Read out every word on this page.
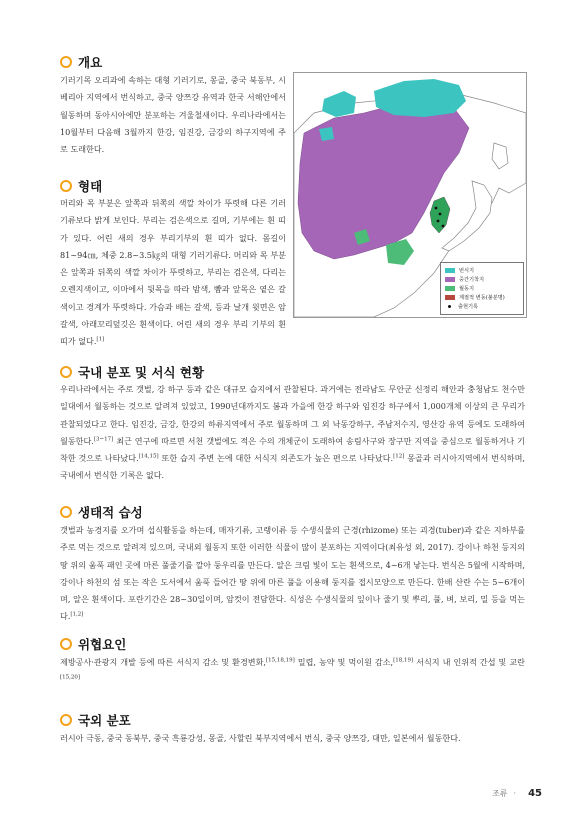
개요
기러기목 오리과에 속하는 대형 기러기로, 몽골, 중국 북동부, 시베리아 지역에서 번식하고, 중국 양쯔강 유역과 한국 서해안에서 월동하며 동아시아에만 분포하는 겨울철새이다. 우리나라에서는 10월부터 다음해 3월까지 한강, 임진강, 금강의 하구지역에 주로 도래한다.
형태
머리와 목 부분은 앞쪽과 뒤쪽의 색깔 차이가 뚜렷해 다른 기러기류보다 밝게 보인다. 부리는 검은색으로 길며, 기부에는 흰 띠가 있다. 어린 새의 경우 부리기부의 흰 띠가 없다. 몸길이 81~94㎝, 체중 2.8~3.5㎏의 대형 기러기류다. 머리와 목 부분은 앞쪽과 뒤쪽의 색깔 차이가 뚜렷하고, 부리는 검은색, 다리는 오렌지색이고, 이마에서 뒷목을 따라 밤색, 뺨과 앞목은 옅은 갈색이고 경계가 뚜렷하다. 가슴과 배는 갈색, 등과 날개 윗면은 암갈색, 아래꼬리덮깃은 흰색이다. 어린 새의 경우 부리 기부의 흰 띠가 없다.[1]
번식지
중간기착지
월동지
계절적 변동(불분명)
출현기록
국내 분포 및 서식 현황
우리나라에서는 주로 갯벌, 강 하구 등과 같은 대규모 습지에서 관찰된다. 과거에는 전라남도 무안군 신정리 해안과 충청남도 천수만 일대에서 월동하는 것으로 알려져 있었고, 1990년대까지도 봄과 가을에 한강 하구와 임진강 하구에서 1,000개체 이상의 큰 무리가 관찰되었다고 한다. 임진강, 금강, 한강의 하류지역에서 주로 월동하며 그 외 낙동강하구, 주남저수지, 영산강 유역 등에도 도래하여 월동한다.[3~17] 최근 연구에 따르면 서천 갯벌에도 적은 수의 개체군이 도래하여 송림사구와 장구만 지역을 중심으로 월동하거나 기착한 것으로 나타났다.[14,15] 또한 습지 주변 논에 대한 서식지 의존도가 높은 편으로 나타났다.[12] 몽골과 러시아지역에서 번식하며, 국내에서 번식한 기록은 없다.
생태적 습성
갯벌과 농경지를 오가며 섭식활동을 하는데, 매자기류, 고랭이류 등 수생식물의 근경(rhizome) 또는 괴경(tuber)과 같은 지하부를 주로 먹는 것으로 알려져 있으며, 국내외 월동지 또한 이러한 식물이 많이 분포하는 지역이다(최유성 외, 2017). 강이나 하천 등지의 땅 위의 움푹 패인 곳에 마른 풀줄기를 깔아 둥우리를 만든다. 알은 크림 빛이 도는 흰색으로, 4~6개 낳는다. 번식은 5월에 시작하며, 강이나 하천의 섬 또는 작은 도서에서 움푹 들어간 땅 위에 마른 풀을 이용해 둥지를 접시모양으로 만든다. 한배 산란 수는 5~6개이며, 알은 흰색이다. 포란기간은 28~30일이며, 암컷이 전담한다. 식성은 수생식물의 잎이나 줄기 및 뿌리, 풀, 벼, 보리, 밀 등을 먹는다.[1,2]
위협요인
제방공사·관광지 개발 등에 따른 서식지 감소 및 환경변화,[15,18,19] 밀렵, 농약 및 먹이원 감소,[18,19] 서식지 내 인위적 간섭 및 교란[15,20]
국외 분포
러시아 극동, 중국 동북부, 중국 흑룡강성, 몽골, 사할린 북부지역에서 번식, 중국 양쯔강, 대만, 일본에서 월동한다.
조류 · 45
